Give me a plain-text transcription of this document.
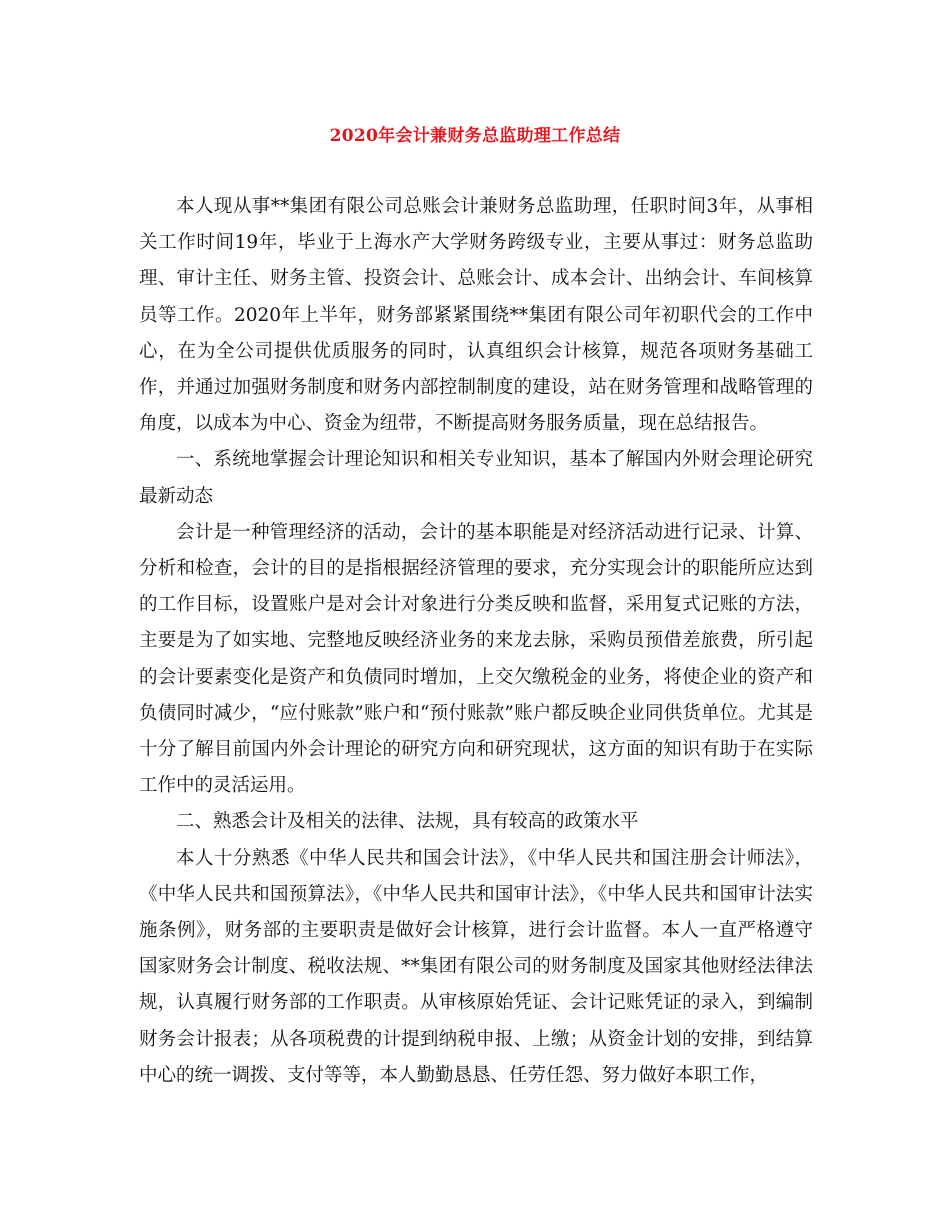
2020年会计兼财务总监助理工作总结

本人现从事**集团有限公司总账会计兼财务总监助理，任职时间3年，从事相关工作时间19年，毕业于上海水产大学财务跨级专业，主要从事过：财务总监助理、审计主任、财务主管、投资会计、总账会计、成本会计、出纳会计、车间核算员等工作。2020年上半年，财务部紧紧围绕**集团有限公司年初职代会的工作中心，在为全公司提供优质服务的同时，认真组织会计核算，规范各项财务基础工作，并通过加强财务制度和财务内部控制制度的建设，站在财务管理和战略管理的角度，以成本为中心、资金为纽带，不断提高财务服务质量，现在总结报告。

一、系统地掌握会计理论知识和相关专业知识，基本了解国内外财会理论研究最新动态

会计是一种管理经济的活动，会计的基本职能是对经济活动进行记录、计算、分析和检查，会计的目的是指根据经济管理的要求，充分实现会计的职能所应达到的工作目标，设置账户是对会计对象进行分类反映和监督，采用复式记账的方法，主要是为了如实地、完整地反映经济业务的来龙去脉，采购员预借差旅费，所引起的会计要素变化是资产和负债同时增加，上交欠缴税金的业务，将使企业的资产和负债同时减少，“应付账款”账户和“预付账款”账户都反映企业同供货单位。尤其是十分了解目前国内外会计理论的研究方向和研究现状，这方面的知识有助于在实际工作中的灵活运用。

二、熟悉会计及相关的法律、法规，具有较高的政策水平

本人十分熟悉《中华人民共和国会计法》，《中华人民共和国注册会计师法》，《中华人民共和国预算法》，《中华人民共和国审计法》，《中华人民共和国审计法实施条例》，财务部的主要职责是做好会计核算，进行会计监督。本人一直严格遵守国家财务会计制度、税收法规、**集团有限公司的财务制度及国家其他财经法律法规，认真履行财务部的工作职责。从审核原始凭证、会计记账凭证的录入，到编制财务会计报表；从各项税费的计提到纳税申报、上缴；从资金计划的安排，到结算中心的统一调拨、支付等等，本人勤勤恳恳、任劳任怨、努力做好本职工作，
